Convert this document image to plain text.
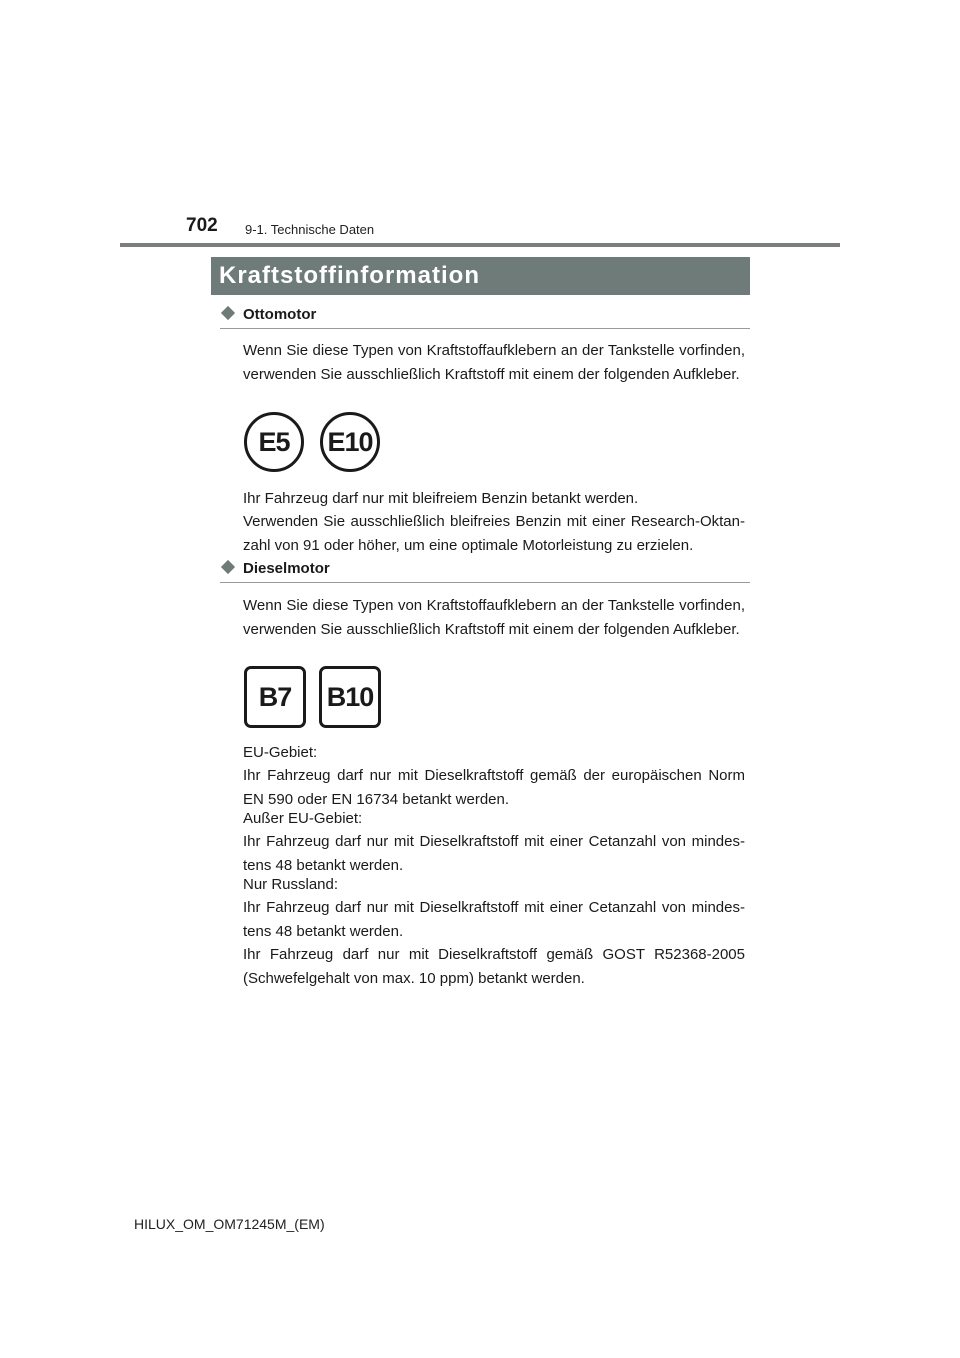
702 9-1. Technische Daten
Kraftstoffinformation
Ottomotor

Wenn Sie diese Typen von Kraftstoffaufklebern an der Tankstelle vorfinden, verwenden Sie ausschließlich Kraftstoff mit einem der folgenden Aufkleber.

E5	E10

Ihr Fahrzeug darf nur mit bleifreiem Benzin betankt werden.

Verwenden Sie ausschließlich bleifreies Benzin mit einer Research-Oktanzahl von 91 oder höher, um eine optimale Motorleistung zu erzielen.

Dieselmotor

Wenn Sie diese Typen von Kraftstoffaufklebern an der Tankstelle vorfinden, verwenden Sie ausschließlich Kraftstoff mit einem der folgenden Aufkleber.

B7	B10

EU-Gebiet:

Ihr Fahrzeug darf nur mit Dieselkraftstoff gemäß der europäischen Norm EN 590 oder EN 16734 betankt werden.

Außer EU-Gebiet:

Ihr Fahrzeug darf nur mit Dieselkraftstoff mit einer Cetanzahl von mindestens 48 betankt werden.

Nur Russland:

Ihr Fahrzeug darf nur mit Dieselkraftstoff mit einer Cetanzahl von mindestens 48 betankt werden.

Ihr Fahrzeug darf nur mit Dieselkraftstoff gemäß GOST R52368-2005 (Schwefelgehalt von max. 10 ppm) betankt werden.

HILUX_OM_OM71245M_(EM)
